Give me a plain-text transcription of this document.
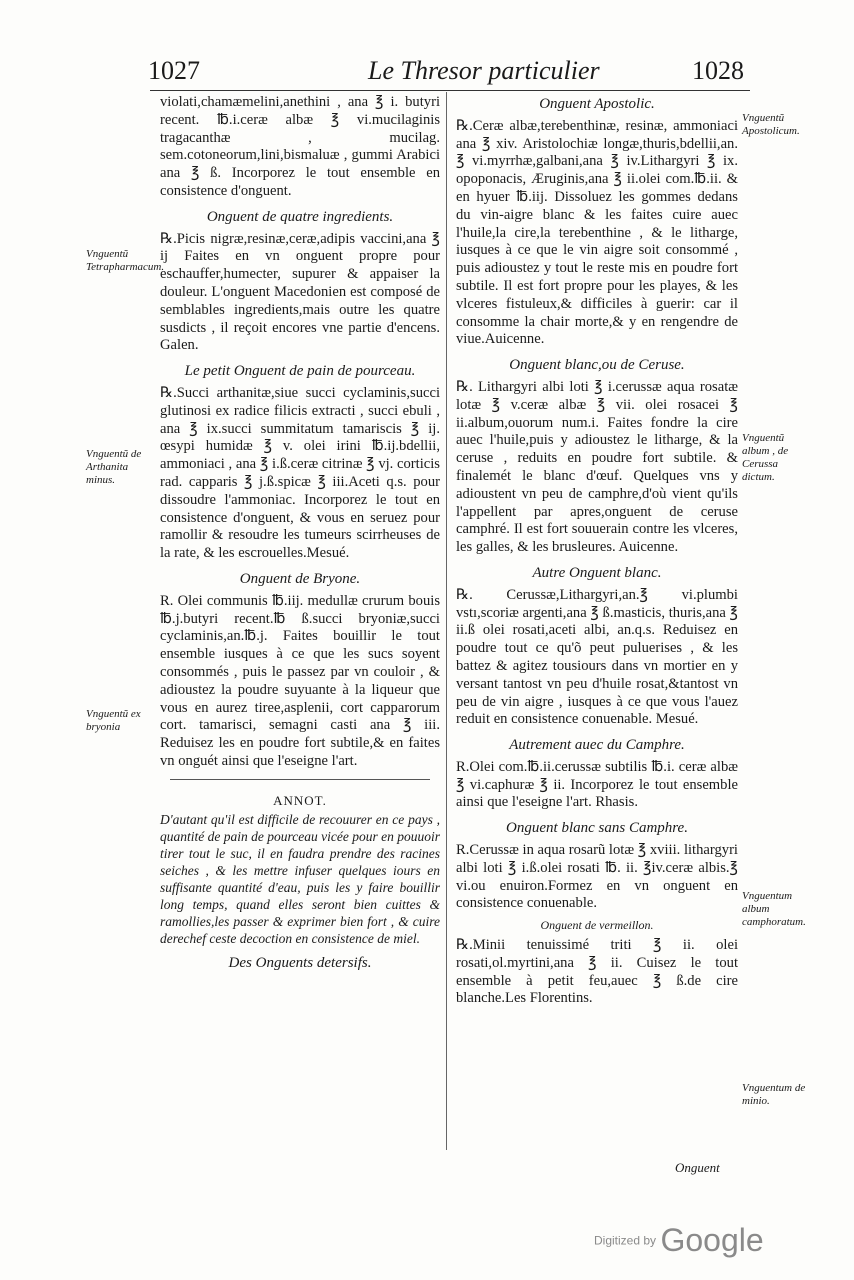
1027	Le Thresor particulier	1028

violati,chamæmelini,anethini , ana ℥ i. butyri recent. ℔.i.ceræ albæ ℥ vi.mucilaginis tragacanthæ , mucilag. sem.cotoneorum,lini,bismaluæ , gummi Arabici ana ℥ ß. Incorporez le tout ensemble en consistence d'onguent.

Onguent de quatre ingredients.

℞.Picis nigræ,resinæ,ceræ,adipis vaccini,ana ℥ ij Faites en vn onguent propre pour eschauffer,humecter, supurer & appaiser la douleur. L'onguent Macedonien est composé de semblables ingredients,mais outre les quatre susdicts , il reçoit encores vne partie d'encens. Galen.

Le petit Onguent de pain de pourceau.

℞.Succi arthanitæ,siue succi cyclaminis,succi glutinosi ex radice filicis extracti , succi ebuli , ana ℥ ix.succi summitatum tamariscis ℥ ij. œsypi humidæ ℥ v. olei irini ℔.ij.bdellii, ammoniaci , ana ℥ i.ß.ceræ citrinæ ℥ vj. corticis rad. capparis ℥ j.ß.spicæ ℥ iii.Aceti q.s. pour dissoudre l'ammoniac. Incorporez le tout en consistence d'onguent, & vous en seruez pour ramollir & resoudre les tumeurs scirrheuses de la rate, & les escrouelles.Mesué.

Onguent de Bryone.

R. Olei communis ℔.iij. medullæ crurum bouis ℔.j.butyri recent.℔ ß.succi bryoniæ,succi cyclaminis,an.℔.j. Faites bouillir le tout ensemble iusques à ce que les sucs soyent consommés , puis le passez par vn couloir , & adioustez la poudre suyuante à la liqueur que vous en aurez tiree,asplenii, cort capparorum cort. tamarisci, semagni casti ana ℥ iii. Reduisez les en poudre fort subtile,& en faites vn onguét ainsi que l'eseigne l'art.

ANNOT.

D'autant qu'il est difficile de recouurer en ce pays , quantité de pain de pourceau vicée pour en pouuoir tirer tout le suc, il en faudra prendre des racines seiches , & les mettre infuser quelques iours en suffisante quantité d'eau, puis les y faire bouillir long temps, quand elles seront bien cuittes & ramollies,les passer & exprimer bien fort , & cuire derechef ceste decoction en consistence de miel.

Des Onguents detersifs.
Onguent Apostolic.

℞.Ceræ albæ,terebenthinæ, resinæ, ammoniaci ana ℥ xiv. Aristolochiæ longæ,thuris,bdellii,an. ℥ vi.myrrhæ,galbani,ana ℥ iv.Lithargyri ℥ ix. opoponacis, Æruginis,ana ℥ ii.olei com.℔.ii. & en hyuer ℔.iij. Dissoluez les gommes dedans du vin-aigre blanc & les faites cuire auec l'huile,la cire,la terebenthine , & le litharge, iusques à ce que le vin aigre soit consommé , puis adioustez y tout le reste mis en poudre fort subtile. Il est fort propre pour les playes, & les vlceres fistuleux,& difficiles à guerir: car il consomme la chair morte,& y en rengendre de viue.Auicenne.

Onguent blanc,ou de Ceruse.

℞. Lithargyri albi loti ℥ i.cerussæ aqua rosatæ lotæ ℥ v.ceræ albæ ℥ vii. olei rosacei ℥ ii.album,ouorum num.i. Faites fondre la cire auec l'huile,puis y adioustez le litharge, & la ceruse , reduits en poudre fort subtile. & finalemét le blanc d'œuf. Quelques vns y adioustent vn peu de camphre,d'où vient qu'ils l'appellent par apres,onguent de ceruse camphré. Il est fort souuerain contre les vlceres, les galles, & les brusleures. Auicenne.

Autre Onguent blanc.

℞. Cerussæ,Lithargyri,an.℥ vi.plumbi vstı,scoriæ argenti,ana ℥ ß.masticis, thuris,ana ℥ ii.ß olei rosati,aceti albi, an.q.s. Reduisez en poudre tout ce qu'õ peut puluerises , & les battez & agitez tousiours dans vn mortier en y versant tantost vn peu d'huile rosat,&tantost vn peu de vin aigre , iusques à ce que vous l'auez reduit en consistence conuenable. Mesué.

Autrement auec du Camphre.

R.Olei com.℔.ii.cerussæ subtilis ℔.i. ceræ albæ ℥ vi.caphuræ ℥ ii. Incorporez le tout ensemble ainsi que l'eseigne l'art. Rhasis.

Onguent blanc sans Camphre.

R.Cerussæ in aqua rosarũ lotæ ℥ xviii. lithargyri albi loti ℥ i.ß.olei rosati ℔. ii. ℥iv.ceræ albis.℥ vi.ou enuiron.Formez en vn onguent en consistence conuenable.

Onguent de vermeillon.

℞.Minii tenuissimé triti ℥ ii. olei rosati,ol.myrtini,ana ℥ ii. Cuisez le tout ensemble à petit feu,auec ℥ ß.de cire blanche.Les Florentins.

Vnguentũ Tetrapharmacum.
Vnguentũ de Arthanita minus.
Vnguentũ ex bryonia
Vnguentũ Apostolicum.
Vnguentũ album , de Cerussa dictum.
Vnguentum album camphoratum.
Vnguentum de minio.
Onguent
Digitized by Google
